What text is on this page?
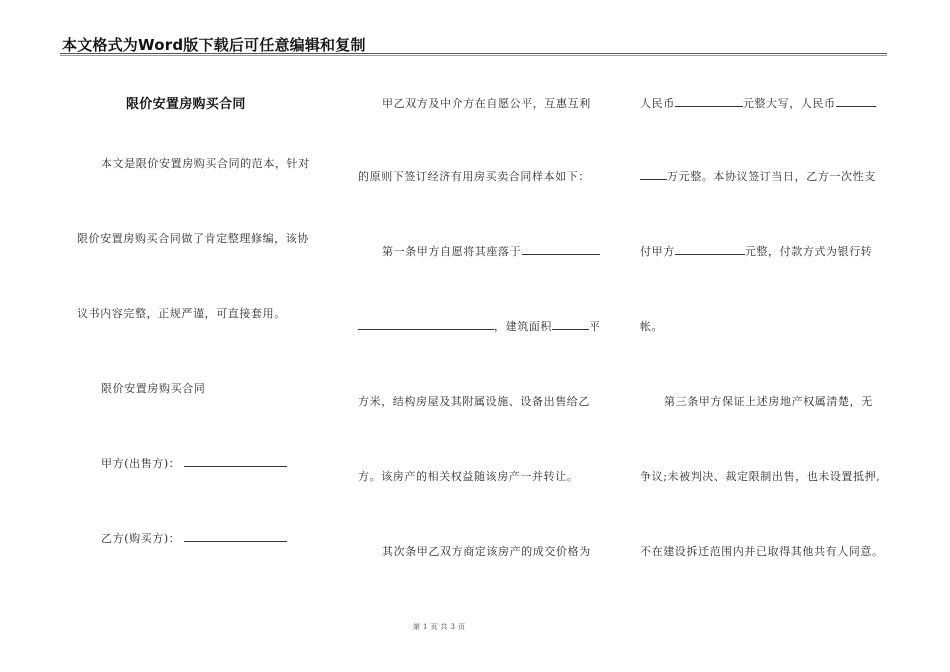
本文格式为Word版下载后可任意编辑和复制
限价安置房购买合同
本文是限价安置房购买合同的范本，针对
限价安置房购买合同做了肯定整理修编，该协
议书内容完整，正规严谨，可直接套用。
限价安置房购买合同
甲方(出售方)：
乙方(购买方)：
甲乙双方及中介方在自愿公平，互惠互利
的原则下签订经济有用房买卖合同样本如下：
第一条甲方自愿将其座落于
，建筑面积	平
方米，结构房屋及其附属设施、设备出售给乙
方。该房产的相关权益随该房产一并转让。
其次条甲乙双方商定该房产的成交价格为
人民币	元整大写，人民币
万元整。本协议签订当日，乙方一次性支
付甲方	元整，付款方式为银行转
帐。
第三条甲方保证上述房地产权属清楚，无
争议;未被判决、裁定限制出售，也未设置抵押,
不在建设拆迁范围内并已取得其他共有人同意。
第 1 页 共 3 页
